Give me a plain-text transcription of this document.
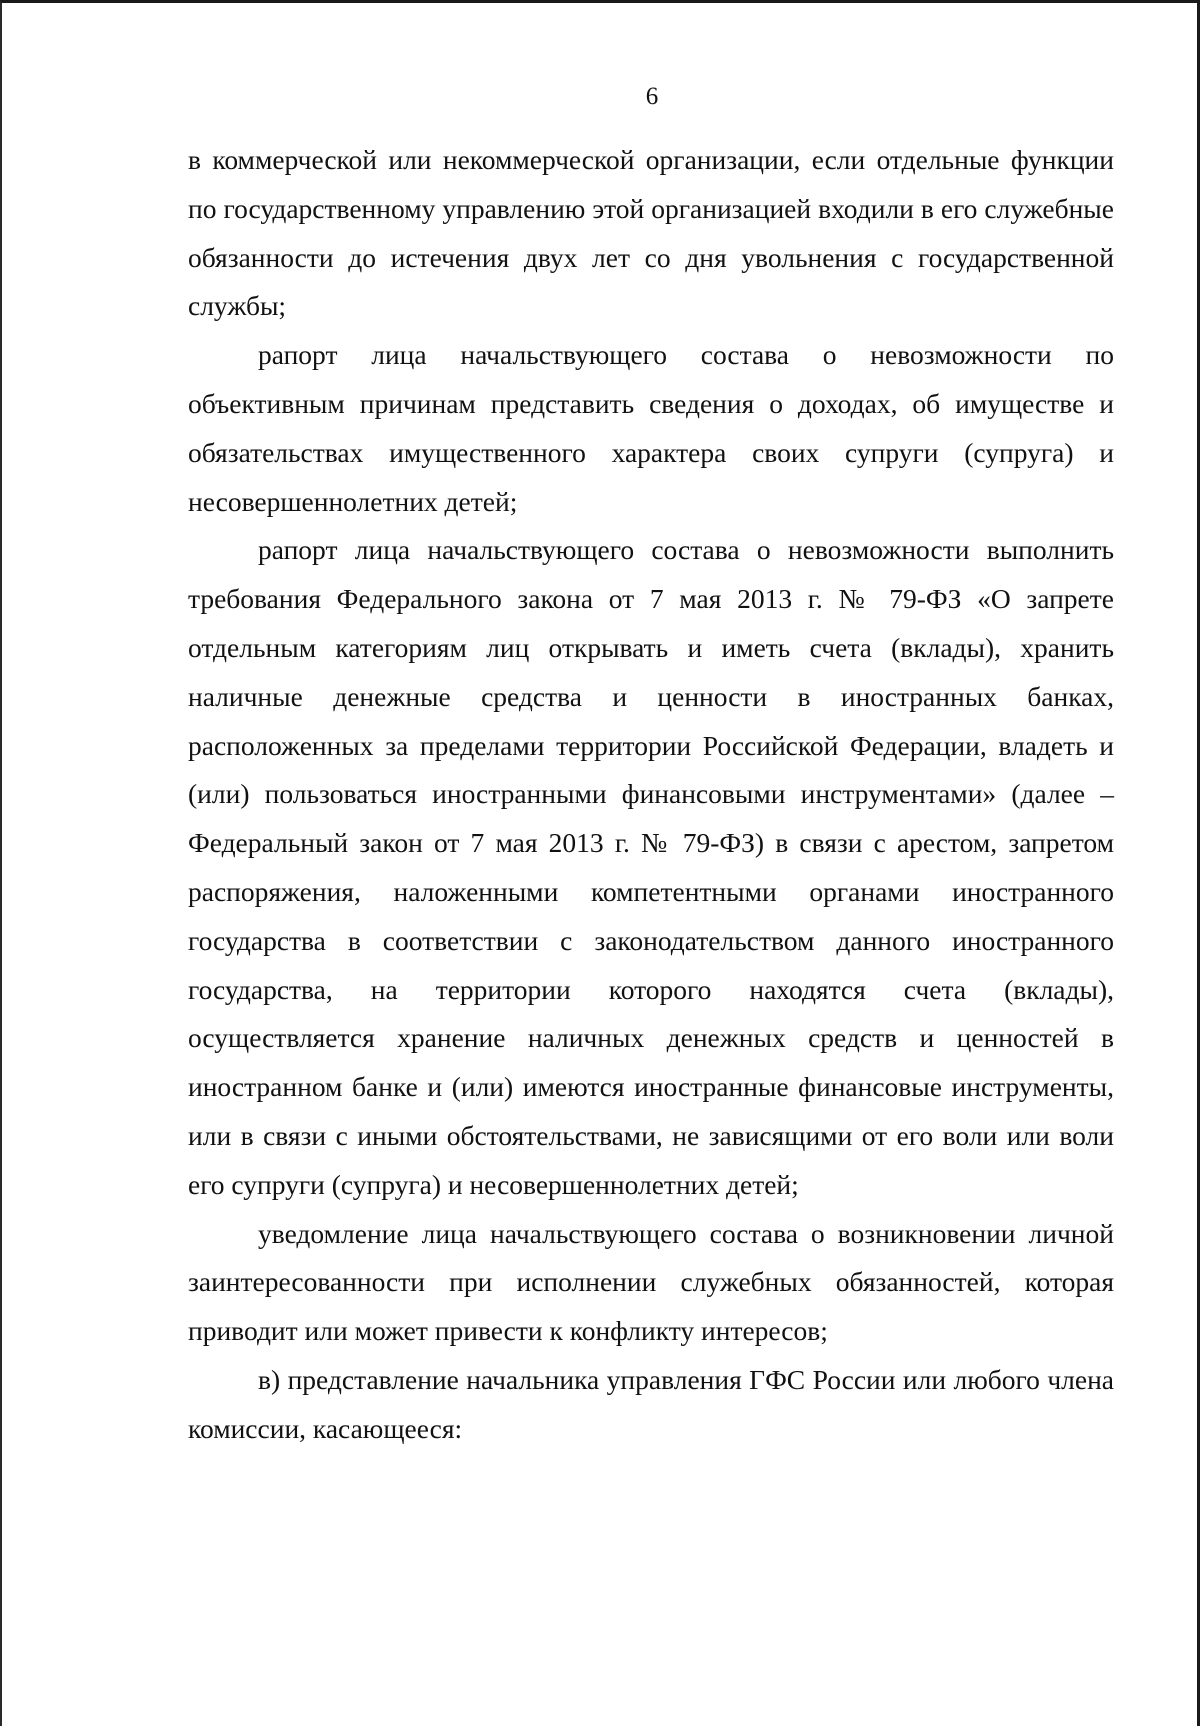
6

в коммерческой или некоммерческой организации, если отдельные функции по государственному управлению этой организацией входили в его служебные обязанности до истечения двух лет со дня увольнения с государственной службы;

рапорт лица начальствующего состава о невозможности по объективным причинам представить сведения о доходах, об имуществе и обязательствах имущественного характера своих супруги (супруга) и несовершеннолетних детей;

рапорт лица начальствующего состава о невозможности выполнить требования Федерального закона от 7 мая 2013 г. № 79-ФЗ «О запрете отдельным категориям лиц открывать и иметь счета (вклады), хранить наличные денежные средства и ценности в иностранных банках, расположенных за пределами территории Российской Федерации, владеть и (или) пользоваться иностранными финансовыми инструментами» (далее – Федеральный закон от 7 мая 2013 г. № 79-ФЗ) в связи с арестом, запретом распоряжения, наложенными компетентными органами иностранного государства в соответствии с законодательством данного иностранного государства, на территории которого находятся счета (вклады), осуществляется хранение наличных денежных средств и ценностей в иностранном банке и (или) имеются иностранные финансовые инструменты, или в связи с иными обстоятельствами, не зависящими от его воли или воли его супруги (супруга) и несовершеннолетних детей;

уведомление лица начальствующего состава о возникновении личной заинтересованности при исполнении служебных обязанностей, которая приводит или может привести к конфликту интересов;

в) представление начальника управления ГФС России или любого члена комиссии, касающееся:
